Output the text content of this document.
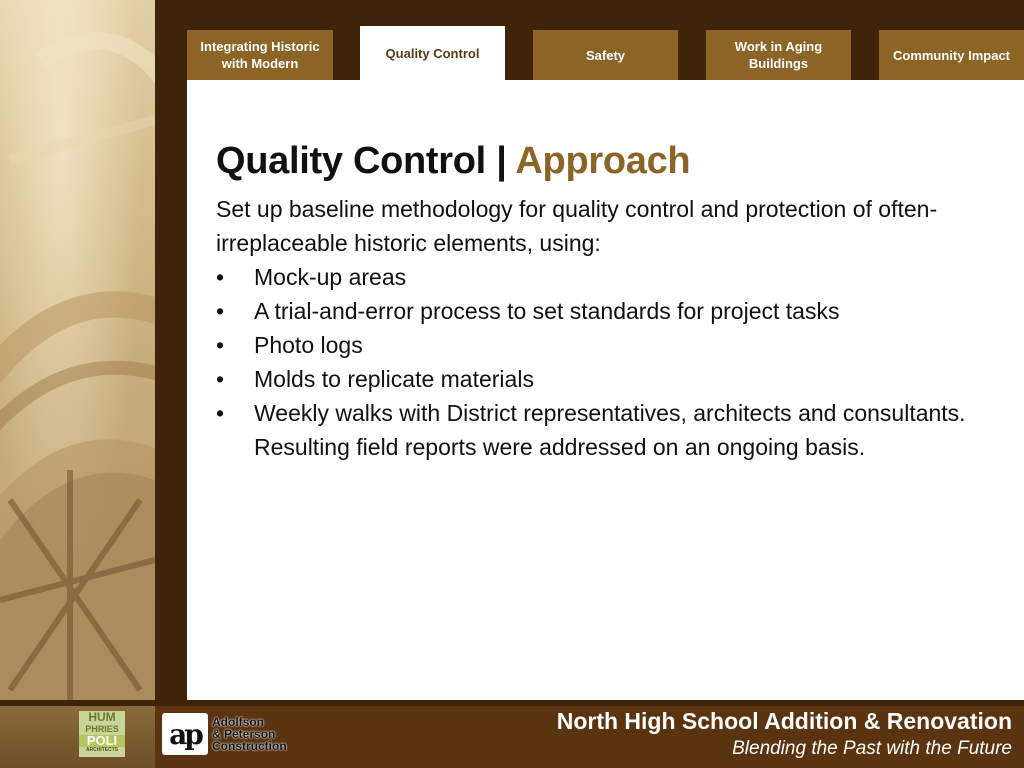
Integrating Historic
with Modern
Quality Control	Safety
Work in Aging
Buildings
Community Impact
Quality Control | Approach
Set up baseline methodology for quality control and protection of often-irreplaceable historic elements, using:
• Mock-up areas
• A trial-and-error process to set standards for project tasks
• Photo logs
• Molds to replicate materials
• Weekly walks with District representatives, architects and consultants. Resulting field reports were addressed on an ongoing basis.
HUM
PHRIES
POLI
ARCHITECTS ap Adolfson
& Peterson
Construction
North High School Addition & Renovation
Blending the Past with the Future
